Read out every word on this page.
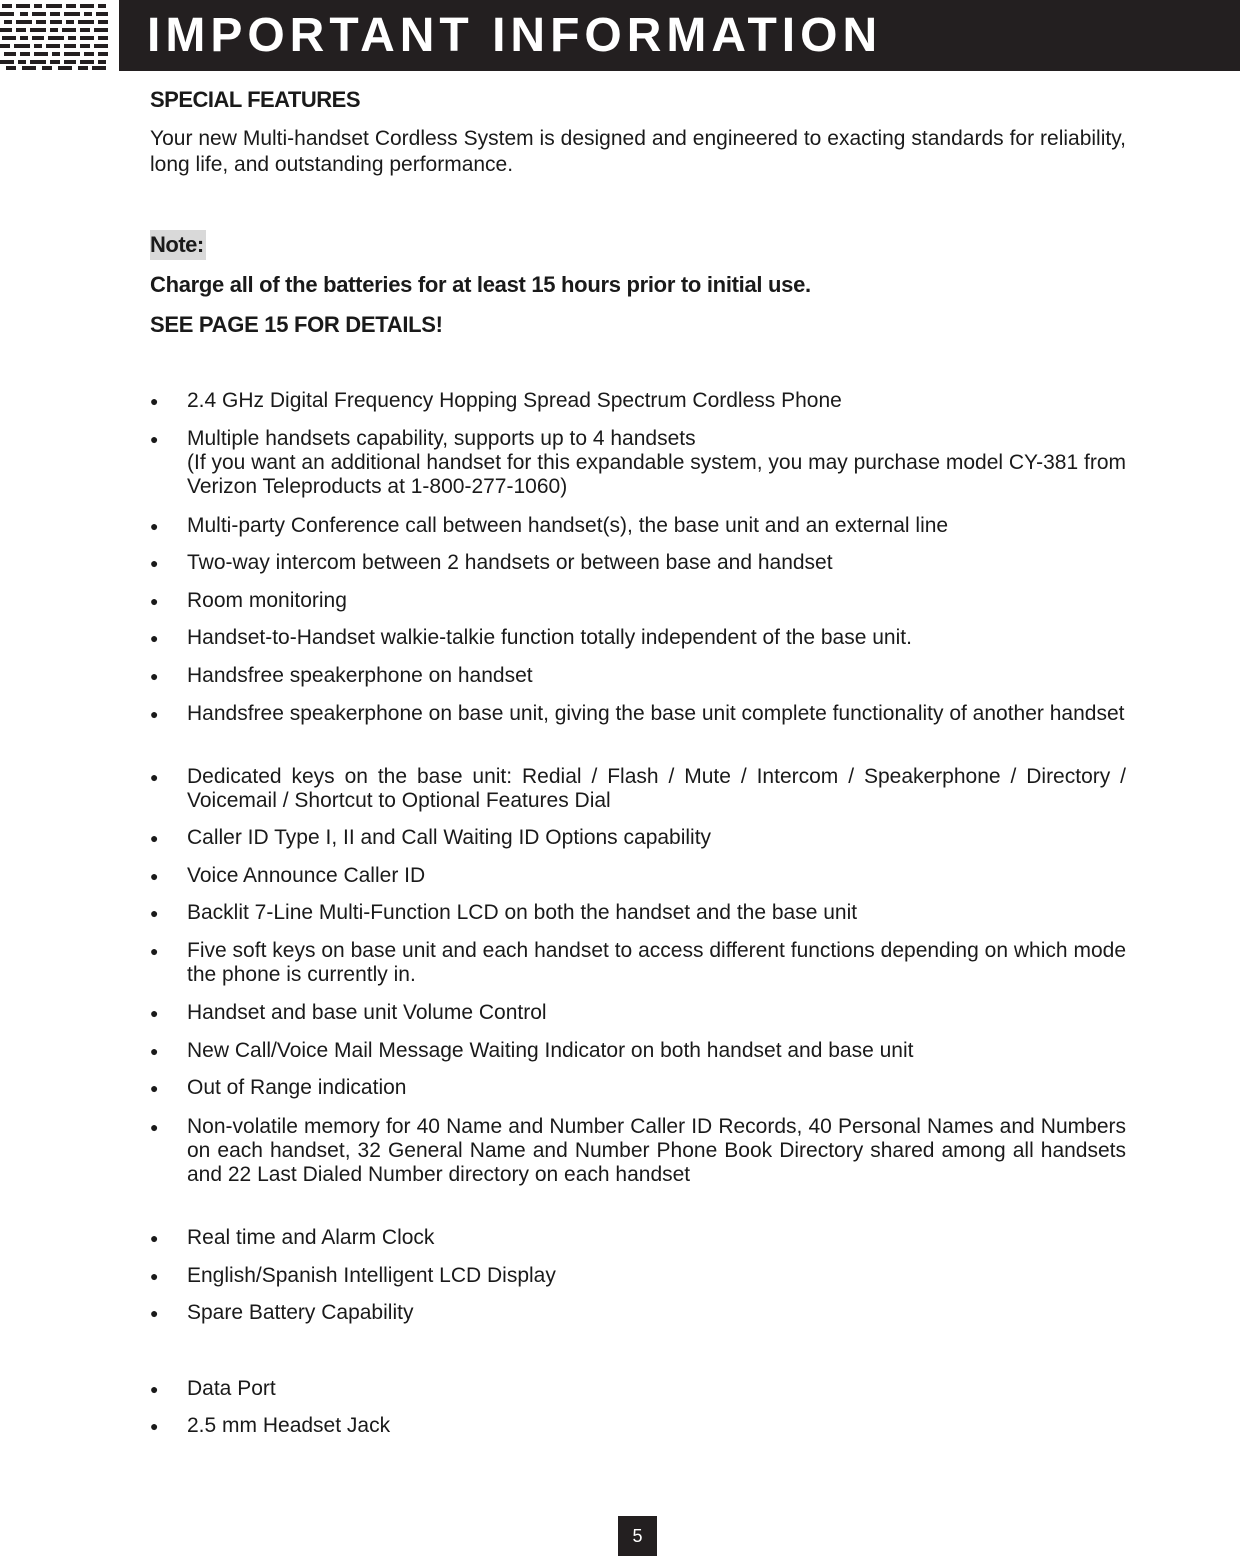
IMPORTANT INFORMATION
SPECIAL FEATURES
Your new Multi-handset Cordless System is designed and engineered to exacting standards for reliability, long life, and outstanding performance.
Note:
Charge all of the batteries for at least 15 hours prior to initial use.
SEE PAGE 15 FOR DETAILS!
● 2.4 GHz Digital Frequency Hopping Spread Spectrum Cordless Phone
● Multiple handsets capability, supports up to 4 handsets
(If you want an additional handset for this expandable system, you may purchase model CY-381 from Verizon Teleproducts at 1-800-277-1060)
● Multi-party Conference call between handset(s), the base unit and an external line
● Two-way intercom between 2 handsets or between base and handset
● Room monitoring
● Handset-to-Handset walkie-talkie function totally independent of the base unit.
● Handsfree speakerphone on handset
● Handsfree speakerphone on base unit, giving the base unit complete functionality of another handset
● Dedicated keys on the base unit: Redial / Flash / Mute / Intercom / Speakerphone / Directory / Voicemail / Shortcut to Optional Features Dial
● Caller ID Type I, II and Call Waiting ID Options capability
● Voice Announce Caller ID
● Backlit 7-Line Multi-Function LCD on both the handset and the base unit
● Five soft keys on base unit and each handset to access different functions depending on which mode the phone is currently in.
● Handset and base unit Volume Control
● New Call/Voice Mail Message Waiting Indicator on both handset and base unit
● Out of Range indication
● Non-volatile memory for 40 Name and Number Caller ID Records, 40 Personal Names and Numbers on each handset, 32 General Name and Number Phone Book Directory shared among all handsets and 22 Last Dialed Number directory on each handset
● Real time and Alarm Clock
● English/Spanish Intelligent LCD Display
● Spare Battery Capability
● Data Port
● 2.5 mm Headset Jack
5
